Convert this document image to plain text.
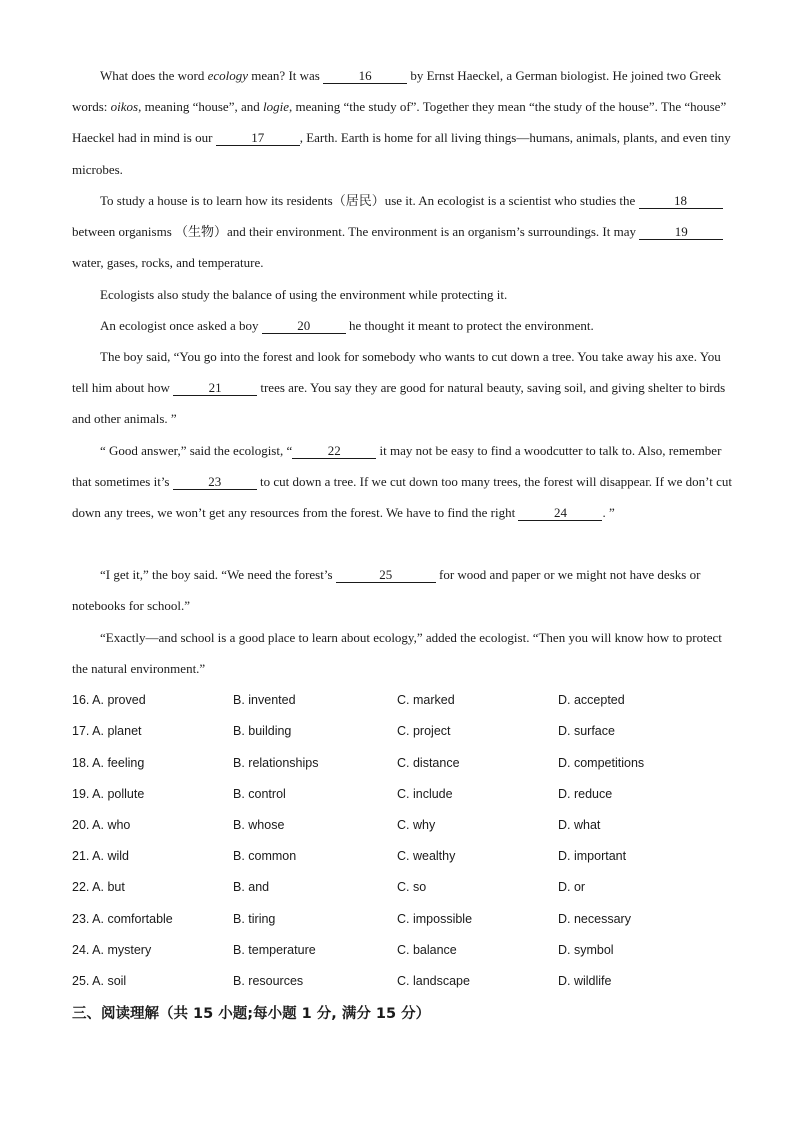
What does the word ecology mean? It was	16	by Ernst Haeckel, a German biologist. He joined two Greek words: oikos, meaning “house”, and logie, meaning “the study of”. Together they mean “the study of the house”. The “house” Haeckel had in mind is our	17	, Earth. Earth is home for all living things—humans, animals, plants, and even tiny microbes.

To study a house is to learn how its residents（居民）use it. An ecologist is a scientist who studies the	18 between organisms （生物）and their environment. The environment is an organism’s surroundings. It may	19 water, gases, rocks, and temperature.

Ecologists also study the balance of using the environment while protecting it.

An ecologist once asked a boy	20	he thought it meant to protect the environment.

The boy said, “You go into the forest and look for somebody who wants to cut down a tree. You take away his axe. You tell him about how	21	trees are. You say they are good for natural beauty, saving soil, and giving shelter to birds and other animals. ”

“ Good answer,” said the ecologist, “	22	it may not be easy to find a woodcutter to talk to. Also, remember that sometimes it’s	23	to cut down a tree. If we cut down too many trees, the forest will disappear. If we don’t cut down any trees, we won’t get any resources from the forest. We have to find the right	24	. ”

“I get it,” the boy said. “We need the forest’s	25	for wood and paper or we might not have desks or notebooks for school.”

“Exactly—and school is a good place to learn about ecology,” added the ecologist. “Then you will know how to protect the natural environment.”

16. A. proved	B. invented	C. marked	D. accepted
17. A. planet	B. building	C. project	D. surface
18. A. feeling	B. relationships	C. distance	D. competitions
19. A. pollute	B. control	C. include	D. reduce
20. A. who	B. whose	C. why	D. what
21. A. wild	B. common	C. wealthy	D. important
22. A. but	B. and	C. so	D. or
23. A. comfortable	B. tiring	C. impossible	D. necessary
24. A. mystery	B. temperature	C. balance	D. symbol
25. A. soil	B. resources	C. landscape	D. wildlife
三、阅读理解（共 15 小题;每小题 1 分, 满分 15 分）
